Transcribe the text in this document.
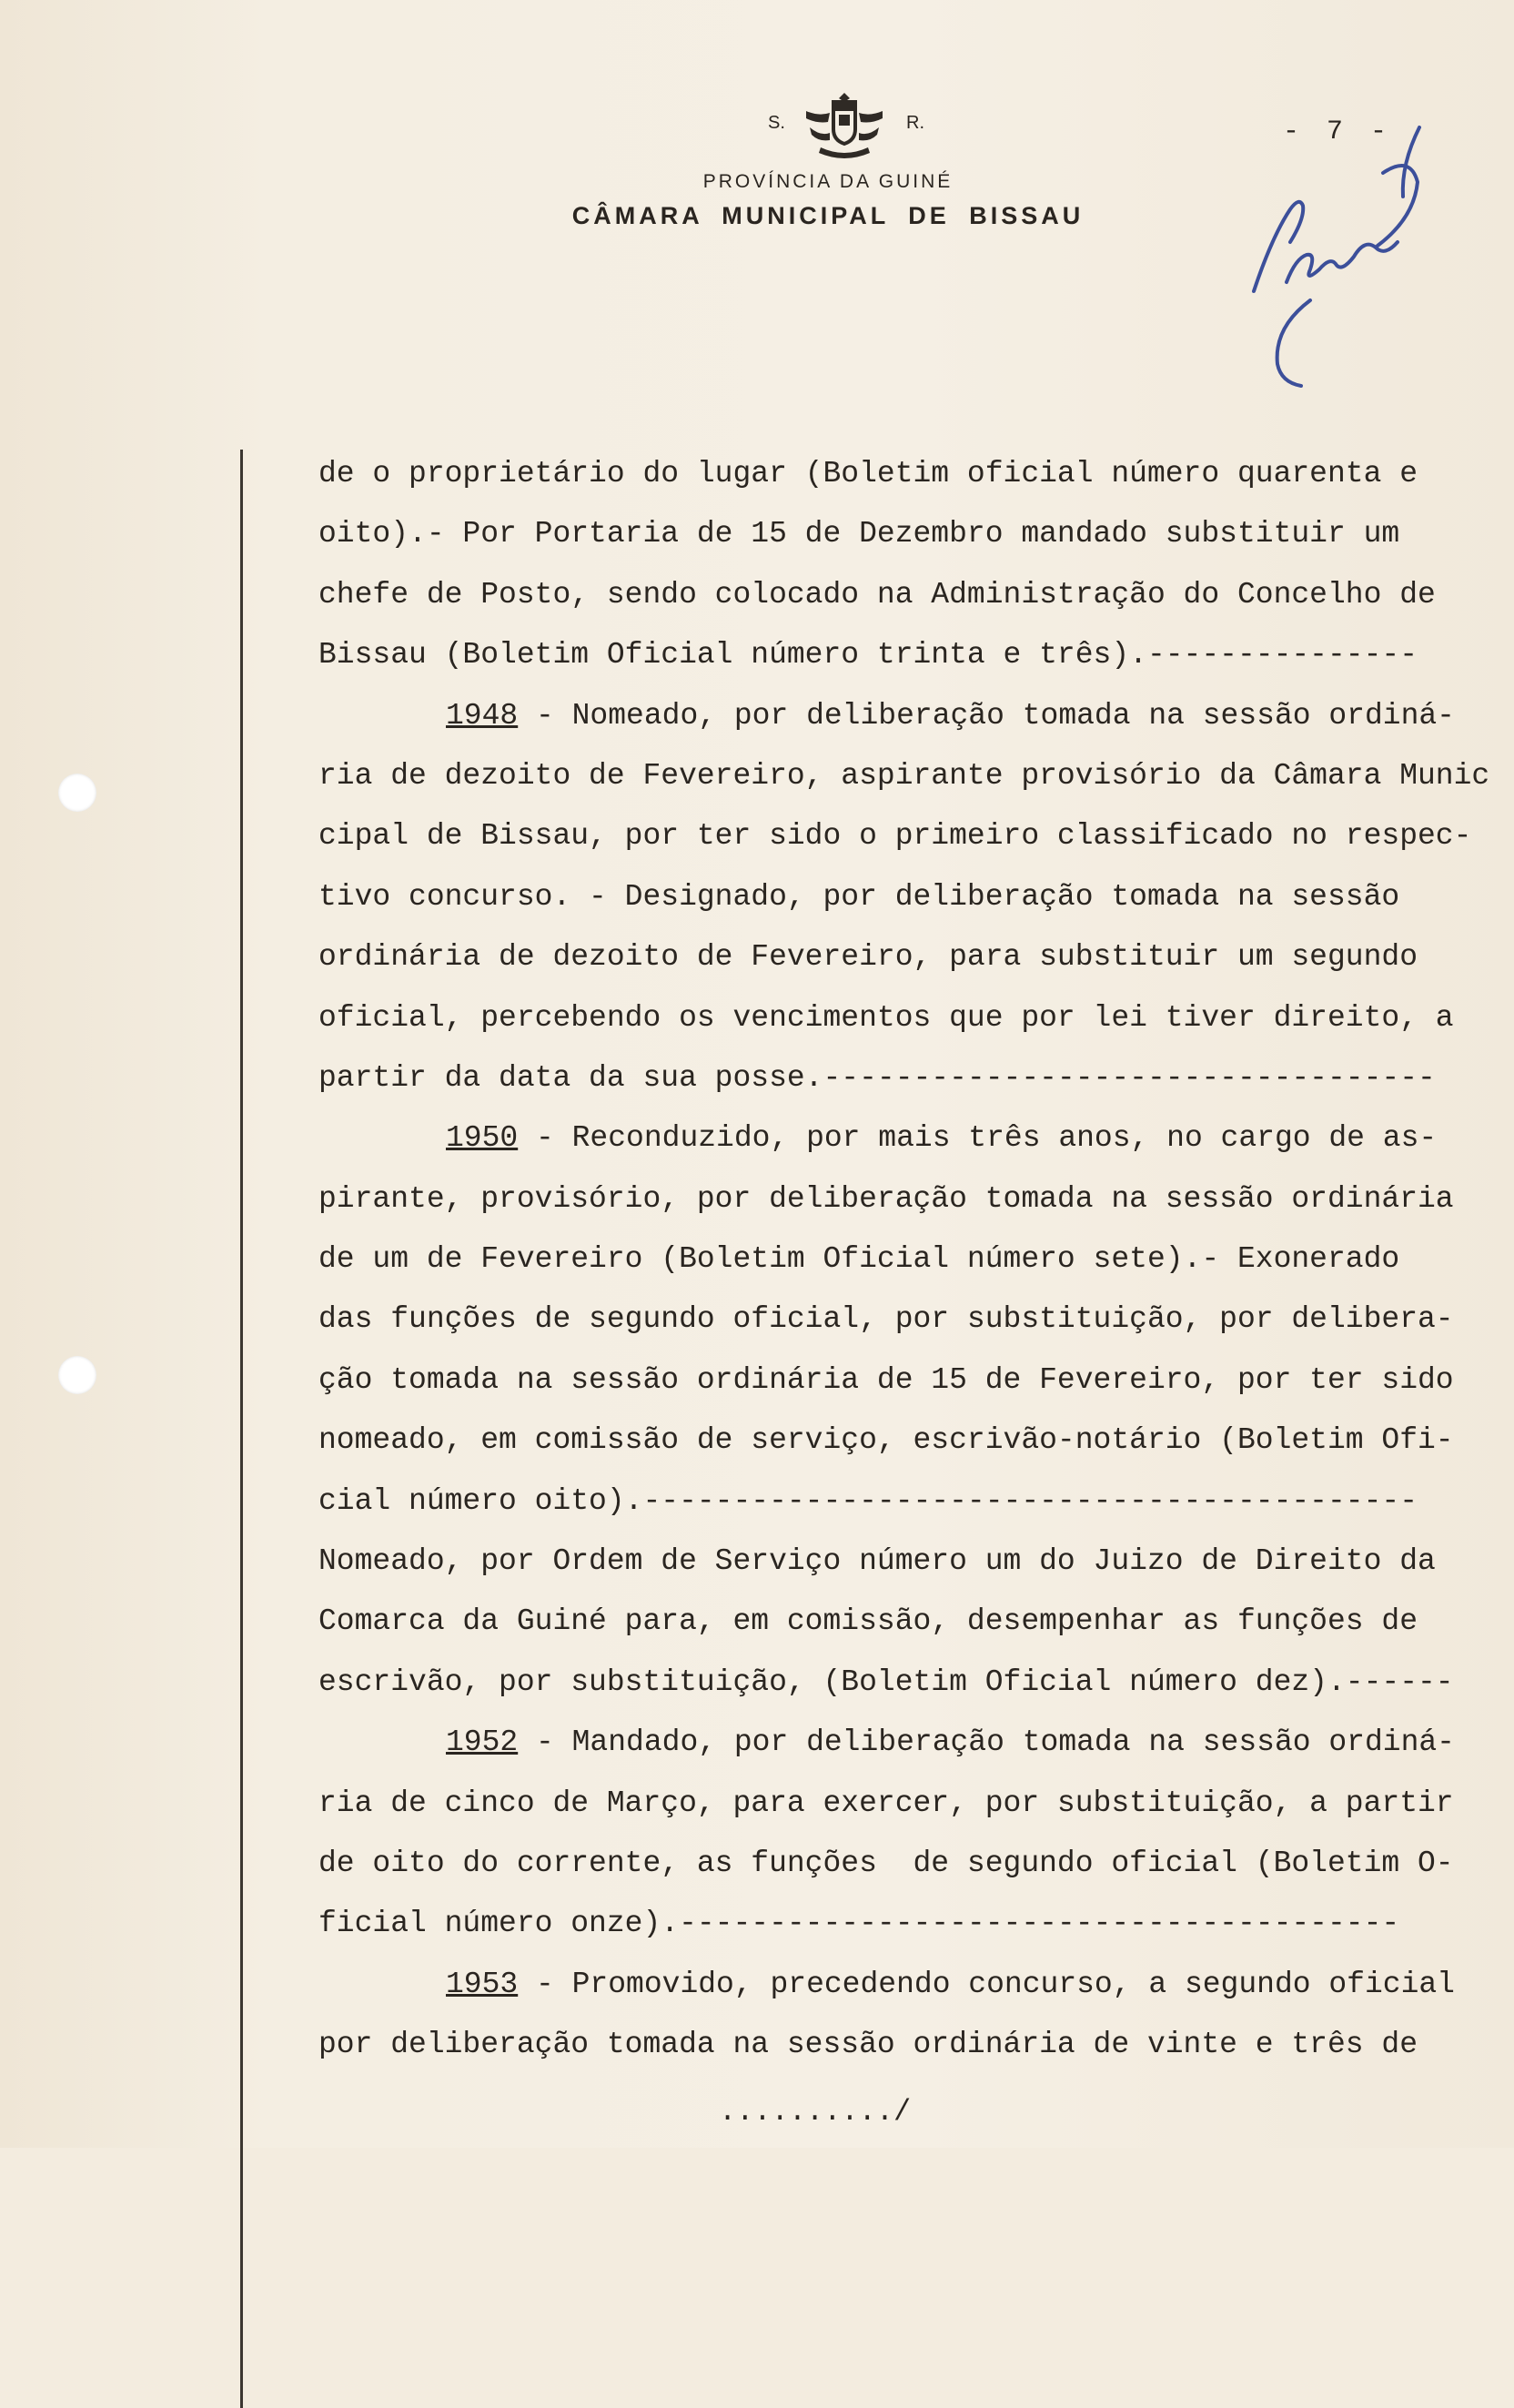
S.	R.
PROVÍNCIA DA GUINÉ
CÂMARA MUNICIPAL DE BISSAU
- 7 -
de o proprietário do lugar (Boletim oficial número quarenta e
oito).- Por Portaria de 15 de Dezembro mandado substituir um
chefe de Posto, sendo colocado na Administração do Concelho de
Bissau (Boletim Oficial número trinta e três).---------------
1948 - Nomeado, por deliberação tomada na sessão ordiná-
ria de dezoito de Fevereiro, aspirante provisório da Câmara Munic
cipal de Bissau, por ter sido o primeiro classificado no respec-
tivo concurso. - Designado, por deliberação tomada na sessão
ordinária de dezoito de Fevereiro, para substituir um segundo
oficial, percebendo os vencimentos que por lei tiver direito, a
partir da data da sua posse.----------------------------------
1950 - Reconduzido, por mais três anos, no cargo de as-
pirante, provisório, por deliberação tomada na sessão ordinária
de um de Fevereiro (Boletim Oficial número sete).- Exonerado
das funções de segundo oficial, por substituição, por delibera-
ção tomada na sessão ordinária de 15 de Fevereiro, por ter sido
nomeado, em comissão de serviço, escrivão-notário (Boletim Ofi-
cial número oito).-------------------------------------------
Nomeado, por Ordem de Serviço número um do Juizo de Direito da
Comarca da Guiné para, em comissão, desempenhar as funções de
escrivão, por substituição, (Boletim Oficial número dez).------
1952 - Mandado, por deliberação tomada na sessão ordiná-
ria de cinco de Março, para exercer, por substituição, a partir
de oito do corrente, as funções  de segundo oficial (Boletim O-
ficial número onze).----------------------------------------
1953 - Promovido, precedendo concurso, a segundo oficial
por deliberação tomada na sessão ordinária de vinte e três de
........../
